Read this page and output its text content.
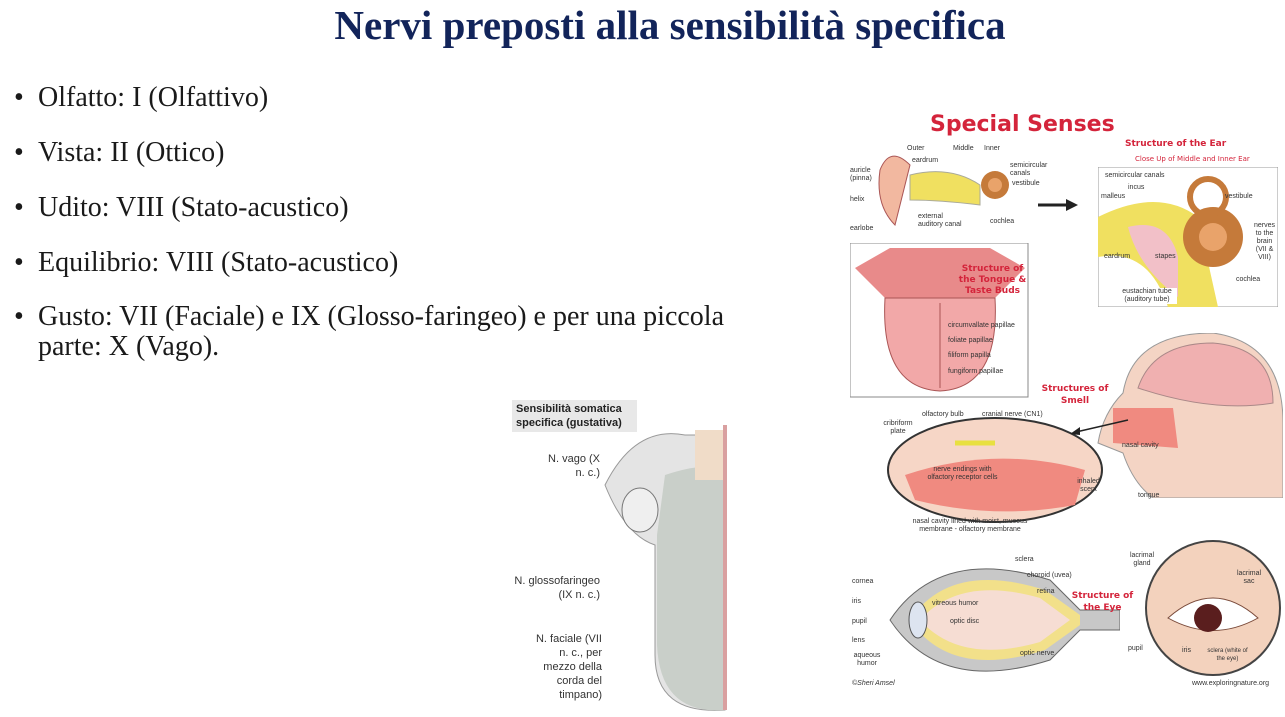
Nervi preposti alla sensibilità specifica
• Olfatto: I (Olfattivo)
• Vista: II (Ottico)
• Udito: VIII (Stato-acustico)
• Equilibrio: VIII (Stato-acustico)
• Gusto: VII (Faciale) e IX (Glosso-faringeo) e per una piccola parte: X (Vago).
Sensibilità somatica specifica (gustativa)
N. vago (X n. c.)
N. glossofaringeo (IX n. c.)
N. faciale (VII n. c., per mezzo della corda del timpano)
Special Senses
Structure of the Ear
Close Up of Middle and Inner Ear
Outer	Middle Inner
auricle (pinna)
eardrum
semicircular canals
vestibule
helix
external auditory canal	cochlea
earlobe
semicircular canals
incus
malleus	vestibule
nerves to the brain (VII & VIII)
eardrum	stapes
cochlea
eustachian tube (auditory tube)
Structure of the Tongue & Taste Buds
circumvallate papillae
foliate papillae
filiform papilla
fungiform papillae
Structures of Smell
olfactory bulb	cranial nerve (CN1)
cribriform plate
nerve endings with olfactory receptor cells
nasal cavity lined with moist, mucous membrane - olfactory membrane
nasal cavity
inhaled scent
tongue
Structure of the Eye
sclera
choroid (uvea)
retina
cornea
iris	vitreous humor
pupil	optic disc
lens
aqueous humor
optic nerve
lacrimal gland
lacrimal sac
pupil	iris	sclera (white of the eye)
©Sheri Amsel	www.exploringnature.org
